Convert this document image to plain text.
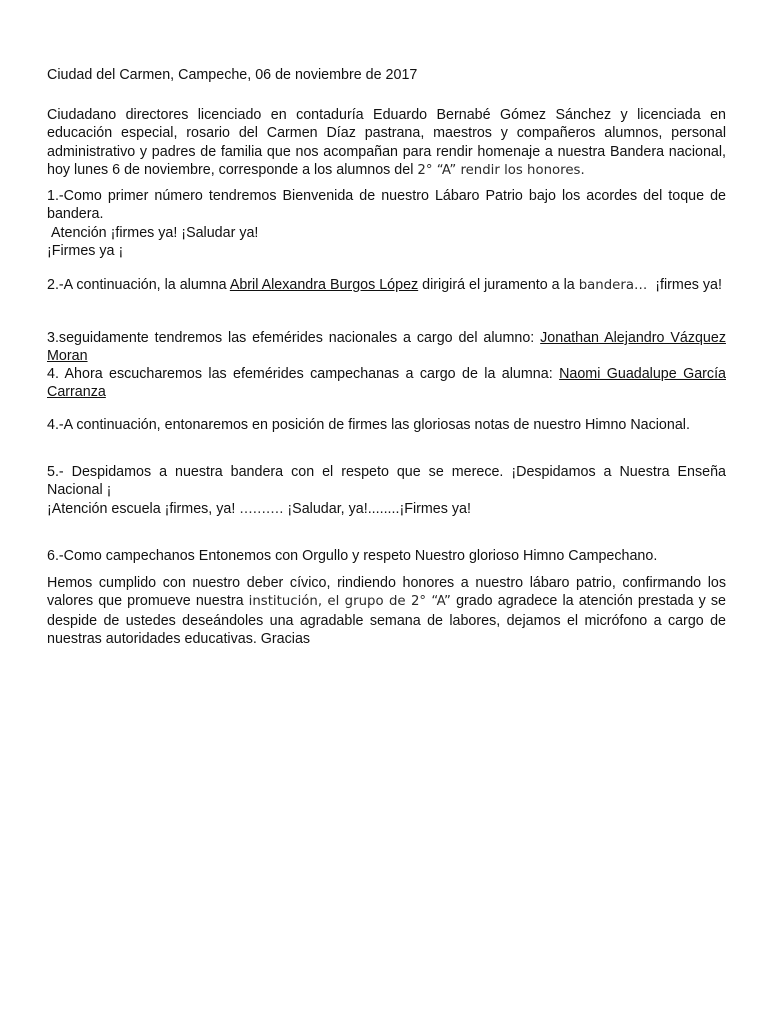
Ciudad del Carmen, Campeche, 06 de noviembre de 2017

Ciudadano directores licenciado en contaduría Eduardo Bernabé Gómez Sánchez y licenciada en educación especial, rosario del Carmen Díaz pastrana, maestros y compañeros alumnos, personal administrativo y padres de familia que nos acompañan para rendir homenaje a nuestra Bandera nacional, hoy lunes 6 de noviembre, corresponde a los alumnos del 2° “A” rendir los honores.

1.-Como primer número tendremos Bienvenida de nuestro Lábaro Patrio bajo los acordes del toque de bandera.
Atención ¡firmes ya! ¡Saludar ya!
¡Firmes ya ¡

2.-A continuación, la alumna Abril Alexandra Burgos López dirigirá el juramento a la bandera… ¡firmes ya!

3.seguidamente tendremos las efemérides nacionales a cargo del alumno: Jonathan Alejandro Vázquez Moran

4. Ahora escucharemos las efemérides campechanas a cargo de la alumna: Naomi Guadalupe García Carranza

4.-A continuación, entonaremos en posición de firmes las gloriosas notas de nuestro Himno Nacional.

5.- Despidamos a nuestra bandera con el respeto que se merece. ¡Despidamos a Nuestra Enseña Nacional ¡
¡Atención escuela ¡firmes, ya! ………. ¡Saludar, ya!........¡Firmes ya!

6.-Como campechanos Entonemos con Orgullo y respeto Nuestro glorioso Himno Campechano.

Hemos cumplido con nuestro deber cívico, rindiendo honores a nuestro lábaro patrio, confirmando los valores que promueve nuestra institución, el grupo de 2° “A” grado agradece la atención prestada y se despide de ustedes deseándoles una agradable semana de labores, dejamos el micrófono a cargo de nuestras autoridades educativas. Gracias
